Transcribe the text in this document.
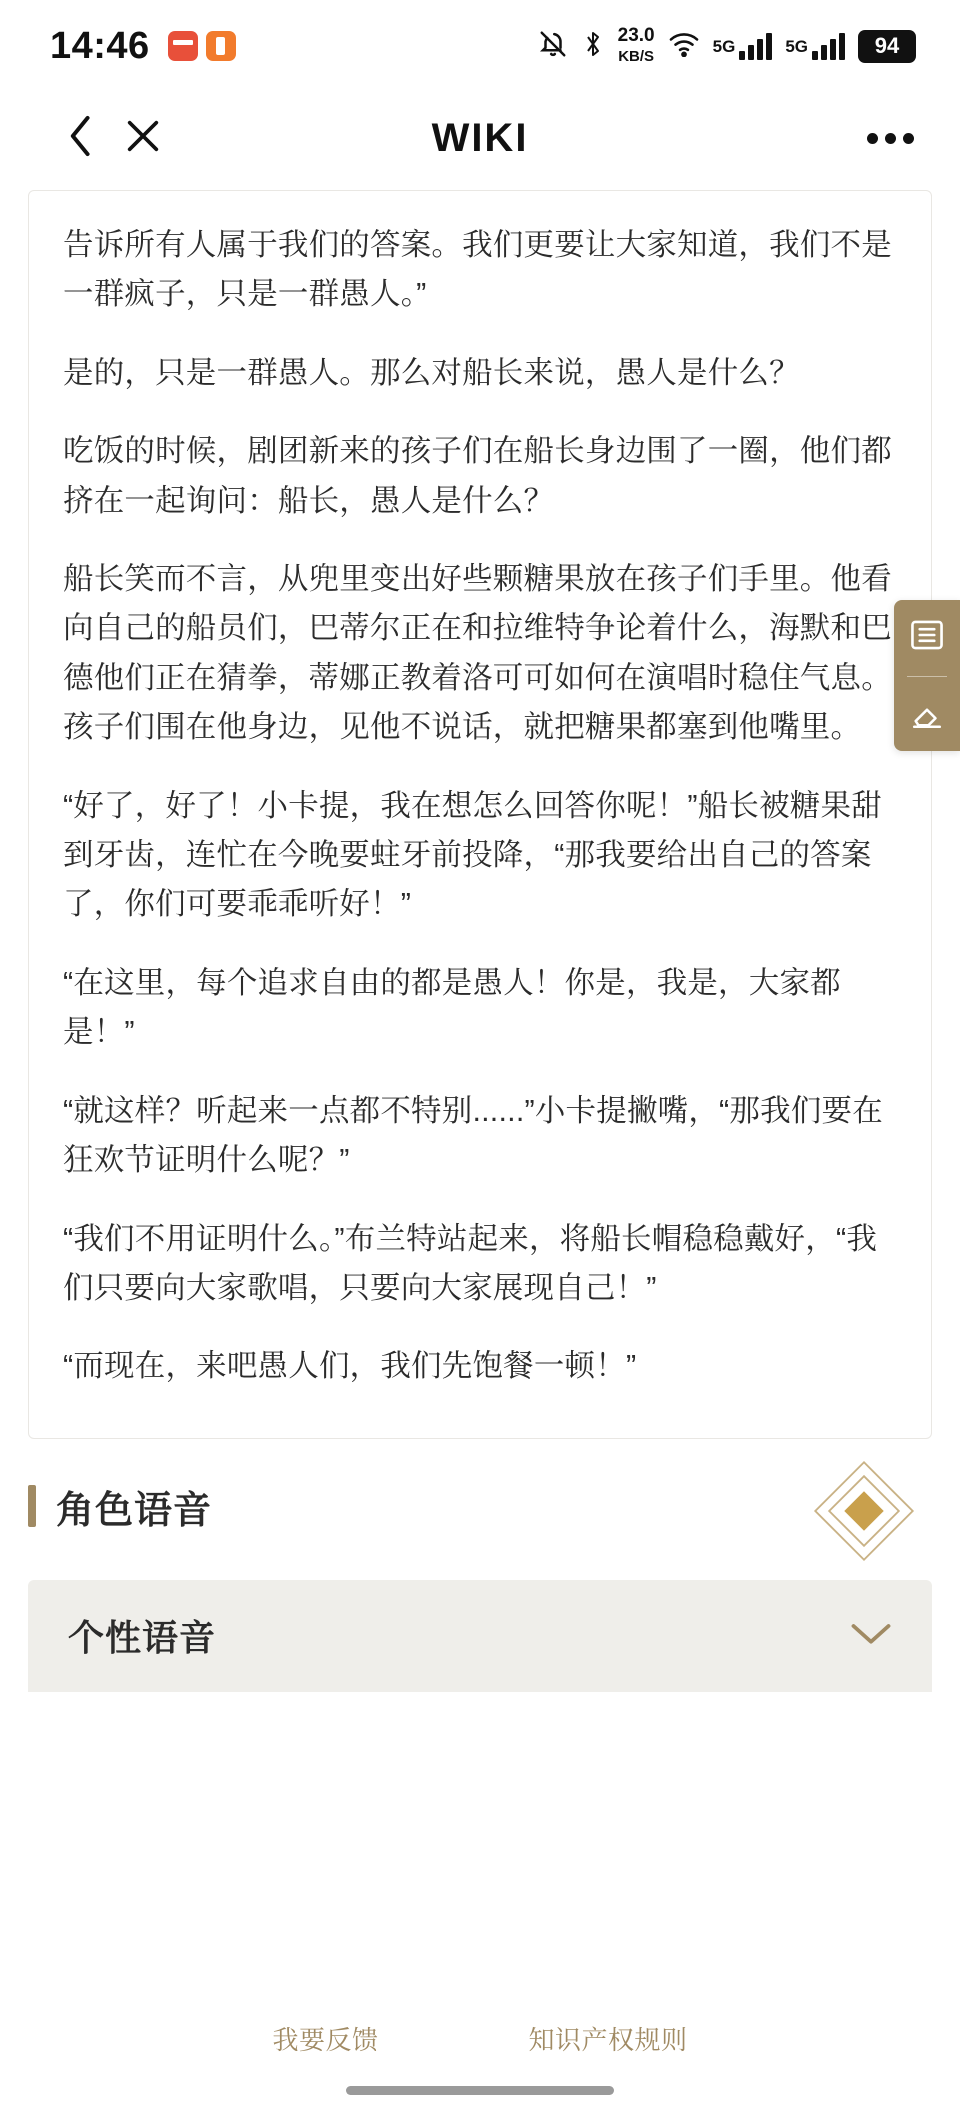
14:46	23.0
KB/S
5G	5G	94
WIKI

告诉所有人属于我们的答案。我们更要让大家知道，我们不是一群疯子，只是一群愚人。”

是的，只是一群愚人。那么对船长来说，愚人是什么？

吃饭的时候，剧团新来的孩子们在船长身边围了一圈，他们都挤在一起询问：船长，愚人是什么？

船长笑而不言，从兜里变出好些颗糖果放在孩子们手里。他看向自己的船员们，巴蒂尔正在和拉维特争论着什么，海默和巴德他们正在猜拳，蒂娜正教着洛可可如何在演唱时稳住气息。孩子们围在他身边，见他不说话，就把糖果都塞到他嘴里。

“好了，好了！小卡提，我在想怎么回答你呢！”船长被糖果甜到牙齿，连忙在今晚要蛀牙前投降，“那我要给出自己的答案了，你们可要乖乖听好！”

“在这里，每个追求自由的都是愚人！你是，我是，大家都是！”

“就这样？听起来一点都不特别......”小卡提撇嘴，“那我们要在狂欢节证明什么呢？”

“我们不用证明什么。”布兰特站起来，将船长帽稳稳戴好，“我们只要向大家歌唱，只要向大家展现自己！”

“而现在，来吧愚人们，我们先饱餐一顿！”

角色语音
个性语音
我要反馈	知识产权规则
